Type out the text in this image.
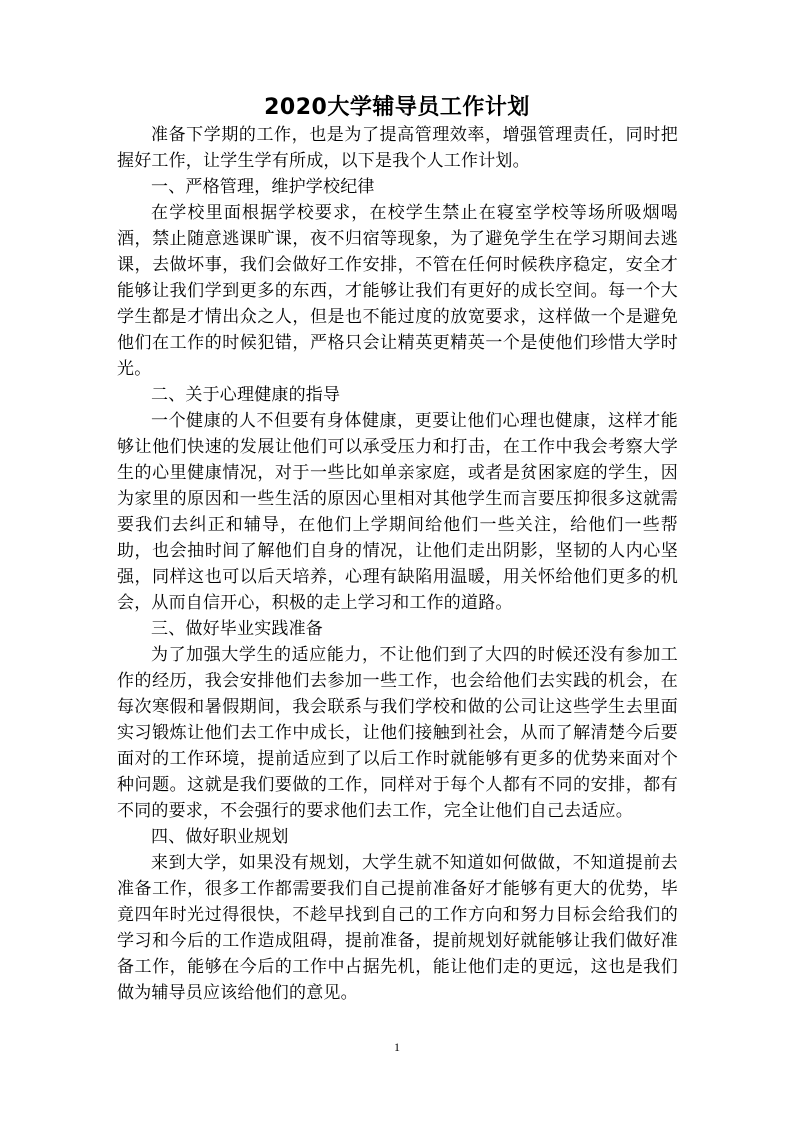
2020大学辅导员工作计划

准备下学期的工作，也是为了提高管理效率，增强管理责任，同时把握好工作，让学生学有所成，以下是我个人工作计划。

一、严格管理，维护学校纪律

在学校里面根据学校要求，在校学生禁止在寝室学校等场所吸烟喝酒，禁止随意逃课旷课，夜不归宿等现象，为了避免学生在学习期间去逃课，去做坏事，我们会做好工作安排，不管在任何时候秩序稳定，安全才能够让我们学到更多的东西，才能够让我们有更好的成长空间。每一个大学生都是才情出众之人，但是也不能过度的放宽要求，这样做一个是避免他们在工作的时候犯错，严格只会让精英更精英一个是使他们珍惜大学时光。

二、关于心理健康的指导

一个健康的人不但要有身体健康，更要让他们心理也健康，这样才能够让他们快速的发展让他们可以承受压力和打击，在工作中我会考察大学生的心里健康情况，对于一些比如单亲家庭，或者是贫困家庭的学生，因为家里的原因和一些生活的原因心里相对其他学生而言要压抑很多这就需要我们去纠正和辅导，在他们上学期间给他们一些关注，给他们一些帮助，也会抽时间了解他们自身的情况，让他们走出阴影，坚韧的人内心坚强，同样这也可以后天培养，心理有缺陷用温暖，用关怀给他们更多的机会，从而自信开心，积极的走上学习和工作的道路。

三、做好毕业实践准备

为了加强大学生的适应能力，不让他们到了大四的时候还没有参加工作的经历，我会安排他们去参加一些工作，也会给他们去实践的机会，在每次寒假和暑假期间，我会联系与我们学校和做的公司让这些学生去里面实习锻炼让他们去工作中成长，让他们接触到社会，从而了解清楚今后要面对的工作环境，提前适应到了以后工作时就能够有更多的优势来面对个种问题。这就是我们要做的工作，同样对于每个人都有不同的安排，都有不同的要求，不会强行的要求他们去工作，完全让他们自己去适应。

四、做好职业规划

来到大学，如果没有规划，大学生就不知道如何做做，不知道提前去准备工作，很多工作都需要我们自己提前准备好才能够有更大的优势，毕竟四年时光过得很快，不趁早找到自己的工作方向和努力目标会给我们的学习和今后的工作造成阻碍，提前准备，提前规划好就能够让我们做好准备工作，能够在今后的工作中占据先机，能让他们走的更远，这也是我们做为辅导员应该给他们的意见。

1
